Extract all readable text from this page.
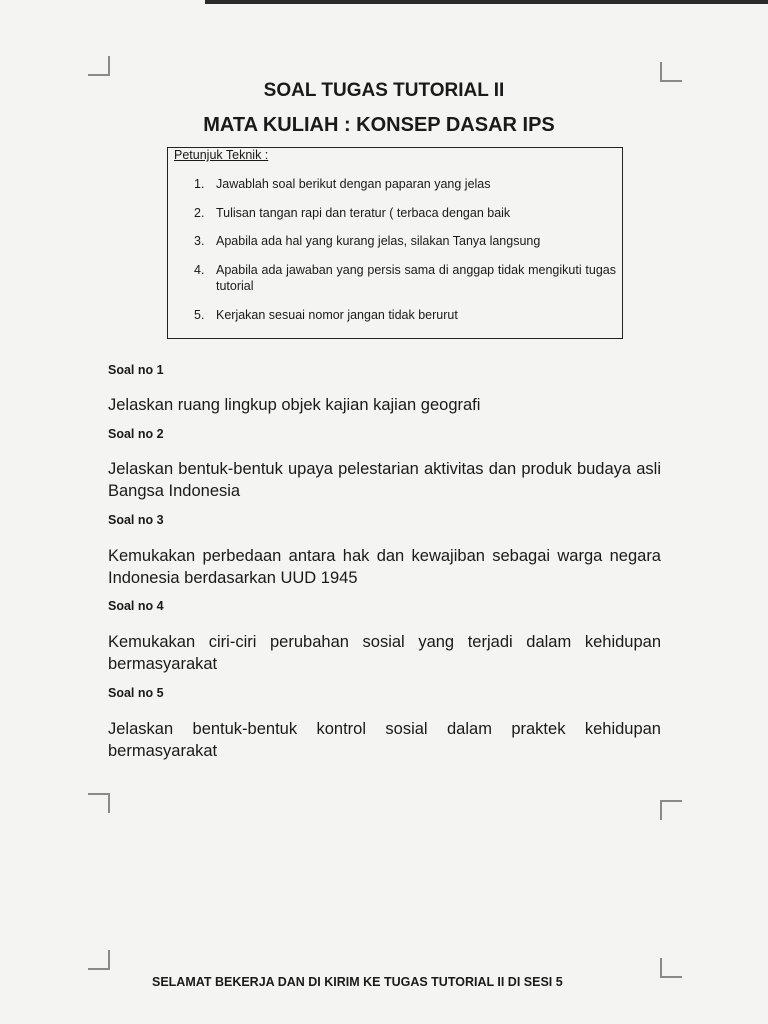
SOAL TUGAS TUTORIAL II
MATA KULIAH : KONSEP DASAR IPS

Petunjuk Teknik :

1. Jawablah soal berikut dengan paparan yang jelas
2. Tulisan tangan rapi dan teratur ( terbaca dengan baik
3. Apabila ada hal yang kurang jelas, silakan Tanya langsung
4. Apabila ada jawaban yang persis sama di anggap tidak mengikuti tugas tutorial
5. Kerjakan sesuai nomor jangan tidak berurut

Soal no 1

Jelaskan ruang lingkup objek kajian kajian geografi

Soal no 2

Jelaskan bentuk-bentuk upaya pelestarian aktivitas dan produk budaya asli Bangsa Indonesia

Soal no 3

Kemukakan perbedaan antara hak dan kewajiban sebagai warga negara Indonesia berdasarkan UUD 1945

Soal no 4

Kemukakan ciri-ciri perubahan sosial yang terjadi dalam kehidupan bermasyarakat

Soal no 5

Jelaskan bentuk-bentuk kontrol sosial dalam praktek kehidupan bermasyarakat

SELAMAT BEKERJA DAN DI KIRIM KE TUGAS TUTORIAL II DI SESI 5
